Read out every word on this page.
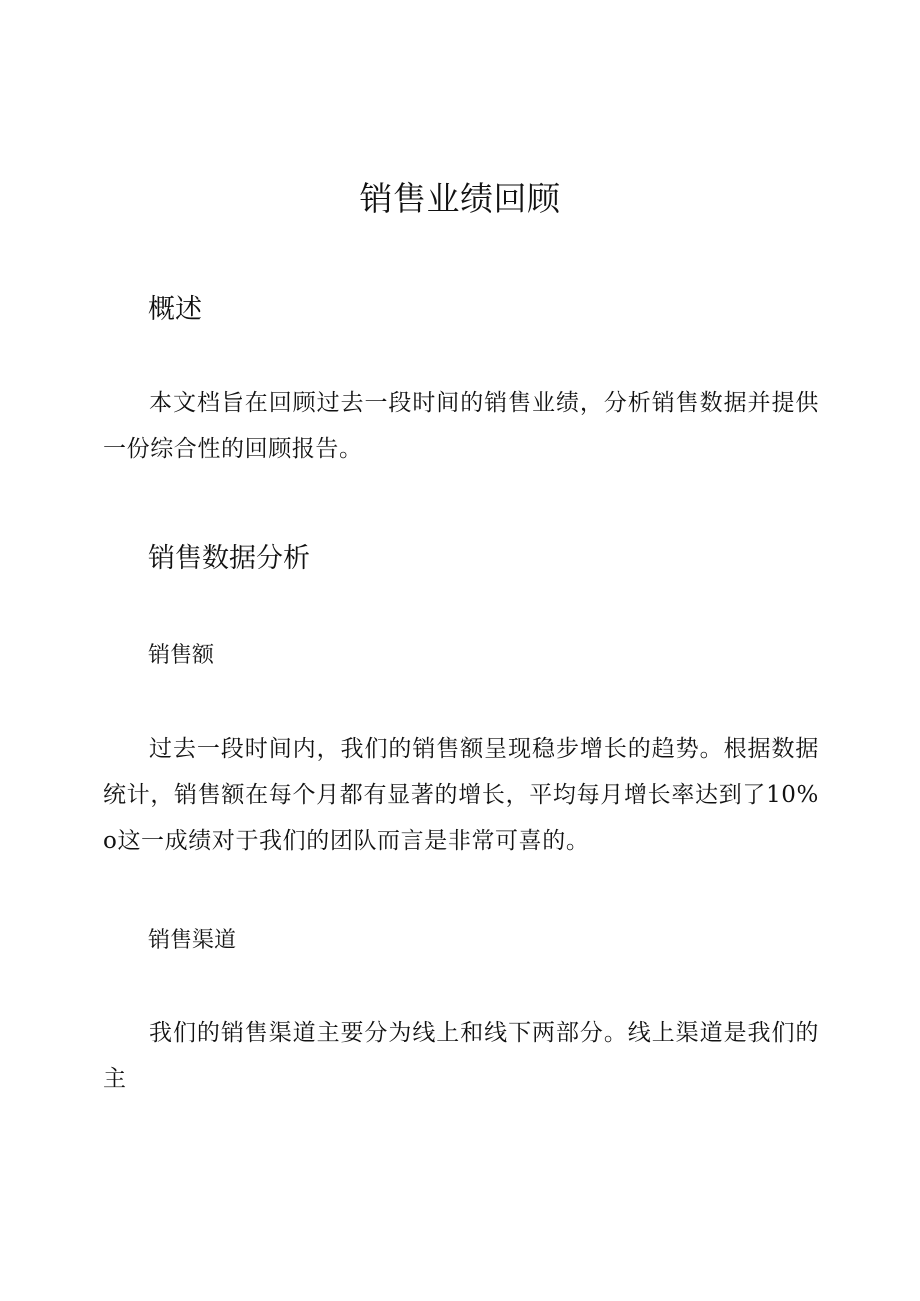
销售业绩回顾
概述

本文档旨在回顾过去一段时间的销售业绩，分析销售数据并提供一份综合性的回顾报告。

销售数据分析
销售额

过去一段时间内，我们的销售额呈现稳步增长的趋势。根据数据统计，销售额在每个月都有显著的增长，平均每月增长率达到了10%o这一成绩对于我们的团队而言是非常可喜的。

销售渠道

我们的销售渠道主要分为线上和线下两部分。线上渠道是我们的主
